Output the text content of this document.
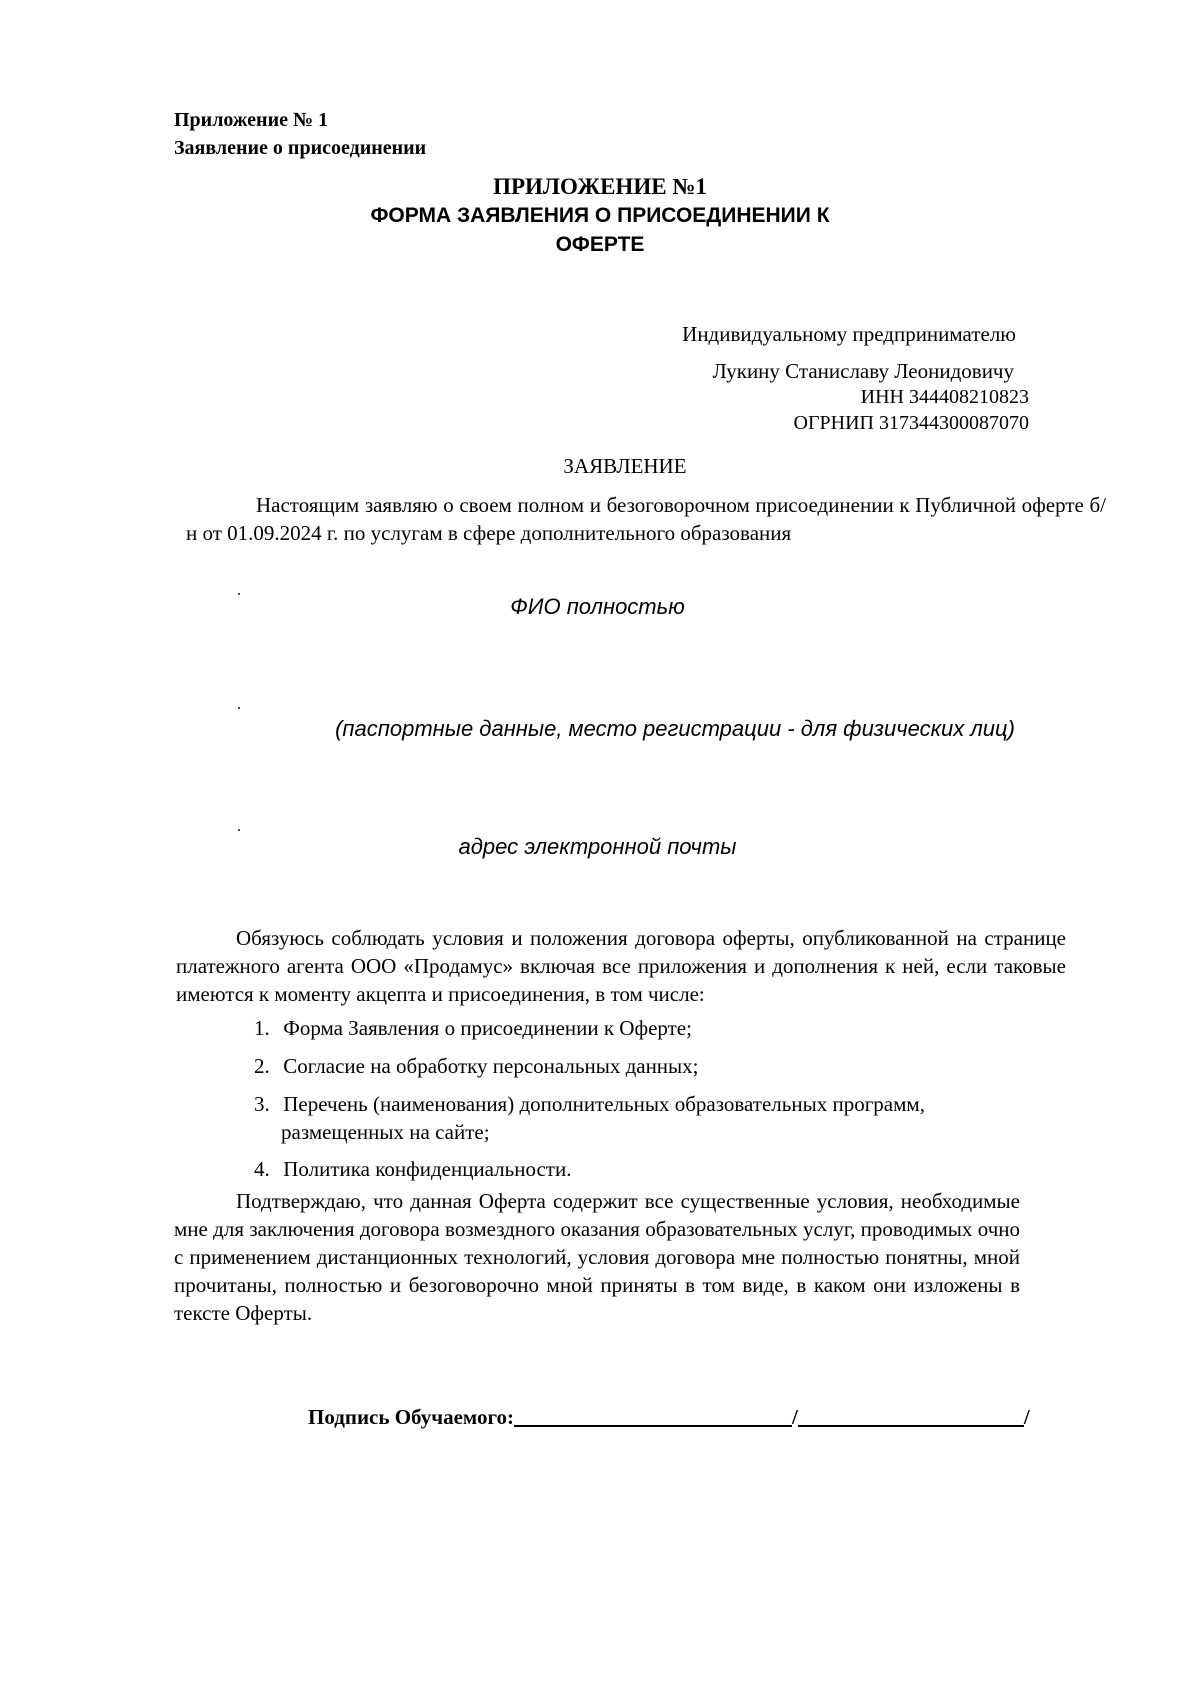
Приложение № 1
Заявление о присоединении
ПРИЛОЖЕНИЕ №1
ФОРМА ЗАЯВЛЕНИЯ О ПРИСОЕДИНЕНИИ К
ОФЕРТЕ
Индивидуальному предпринимателю
Лукину Станиславу Леонидовичу
ИНН 344408210823
ОГРНИП 317344300087070
ЗАЯВЛЕНИЕ

Настоящим заявляю о своем полном и безоговорочном присоединении к Публичной оферте б/н от 01.09.2024 г. по услугам в сфере дополнительного образования

ФИО полностью
(паспортные данные, место регистрации - для физических лиц)
адрес электронной почты

Обязуюсь соблюдать условия и положения договора оферты, опубликованной на странице платежного агента ООО «Продамус» включая все приложения и дополнения к ней, если таковые имеются к моменту акцепта и присоединения, в том числе:

1. Форма Заявления о присоединении к Оферте;
2. Согласие на обработку персональных данных;
3. Перечень (наименования) дополнительных образовательных программ,
размещенных на сайте;
4. Политика конфиденциальности.

Подтверждаю, что данная Оферта содержит все существенные условия, необходимые мне для заключения договора возмездного оказания образовательных услуг, проводимых очно с применением дистанционных технологий, условия договора мне полностью понятны, мной прочитаны, полностью и безоговорочно мной приняты в том виде, в каком они изложены в тексте Оферты.

Подпись Обучаемого:	/	/
